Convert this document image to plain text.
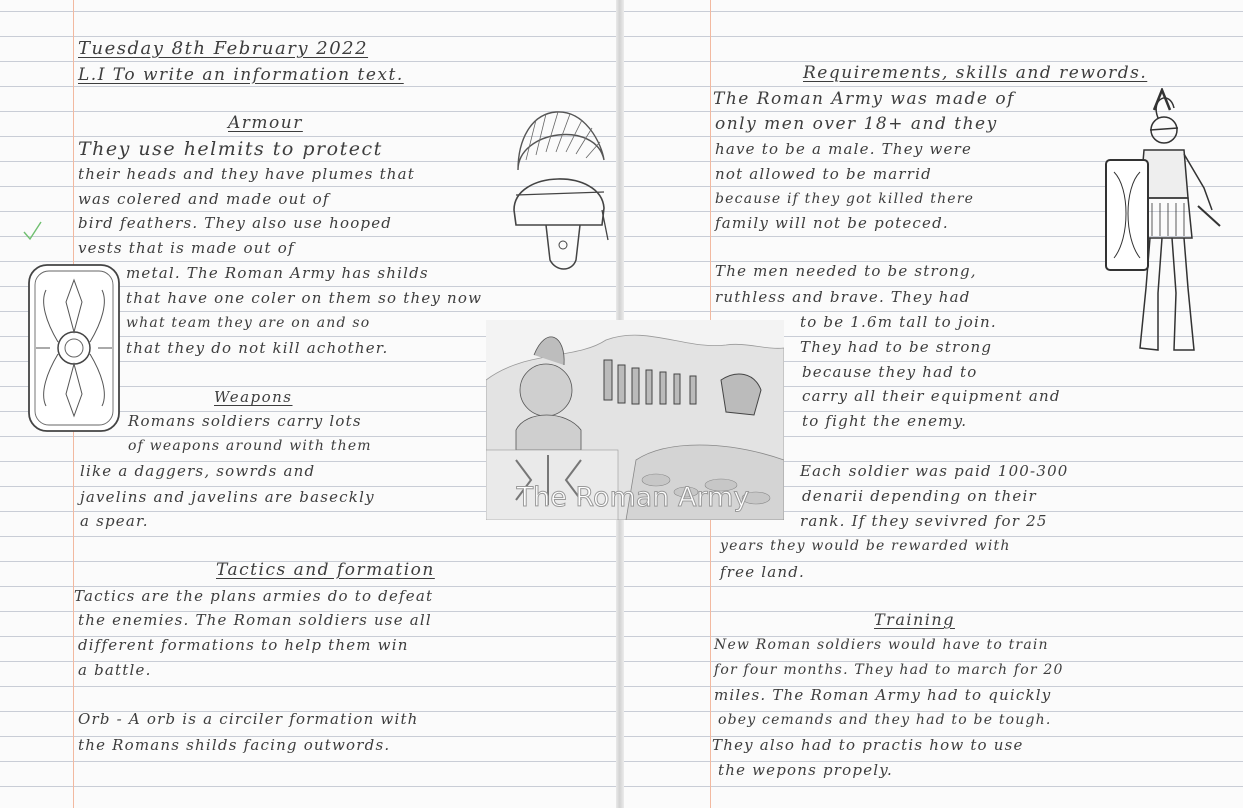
Tuesday 8th February 2022
L.I To write an information text.
Armour
They use helmits to protect
their heads and they have plumes that
was colered and made out of
bird feathers. They also use hooped
vests that is made out of
metal. The Roman Army has shilds
that have one coler on them so they now
what team they are on and so
that they do not kill achother.
Weapons
Romans soldiers carry lots
of weapons around with them
like a daggers, sowrds and
javelins and javelins are baseckly
a spear.
Tactics and formation
Tactics are the plans armies do to defeat
the enemies. The Roman soldiers use all
different formations to help them win
a battle.
Orb - A orb is a circiler formation with
the Romans shilds facing outwords.
The Roman Army
Requirements, skills and rewords.
The Roman Army was made of
only men over 18+ and they
have to be a male. They were
not allowed to be marrid
because if they got killed there
family will not be poteced.
The men needed to be strong,
ruthless and brave. They had
to be 1.6m tall to join.
They had to be strong
because they had to
carry all their equipment and
to fight the enemy.
Each soldier was paid 100-300
denarii depending on their
rank. If they sevivred for 25
years they would be rewarded with
free land.
Training
New Roman soldiers would have to train
for four months. They had to march for 20
miles. The Roman Army had to quickly
obey cemands and they had to be tough.
They also had to practis how to use
the wepons propely.
